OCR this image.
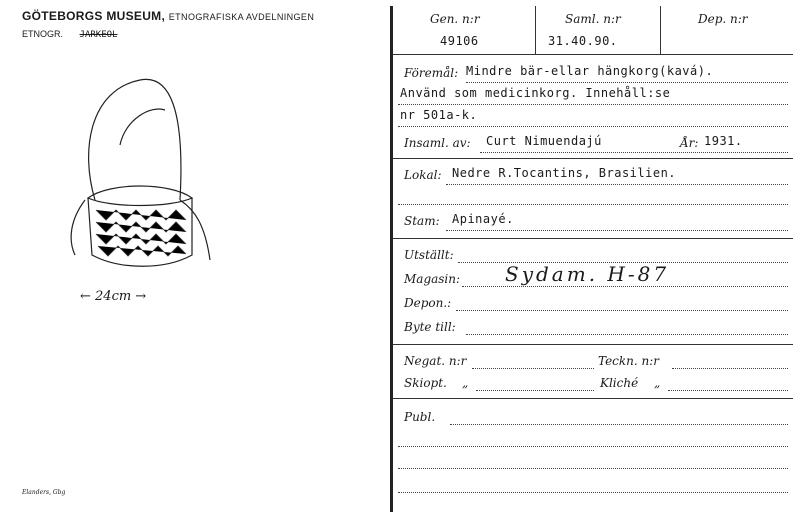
GÖTEBORGS MUSEUM, ETNOGRAFISKA AVDELNINGEN
ETNOGR. JARKEOL
← 24cm →
Elanders, Gbg
Gen. n:r
49106
Saml. n:r
31.40.90.
Dep. n:r
Föremål: Mindre bär-ellar hängkorg(kavá).
Använd som medicinkorg. Innehåll:se
nr 501a-k.
Insaml. av: Curt Nimuendajú	År: 1931.
Lokal: Nedre R.Tocantins, Brasilien.
Stam: Apinayé.
Utställt:
Magasin: Sydam. H-87
Depon.:
Byte till:
Negat. n:r	Teckn. n:r
Skiopt. „	Kliché „
Publ.
